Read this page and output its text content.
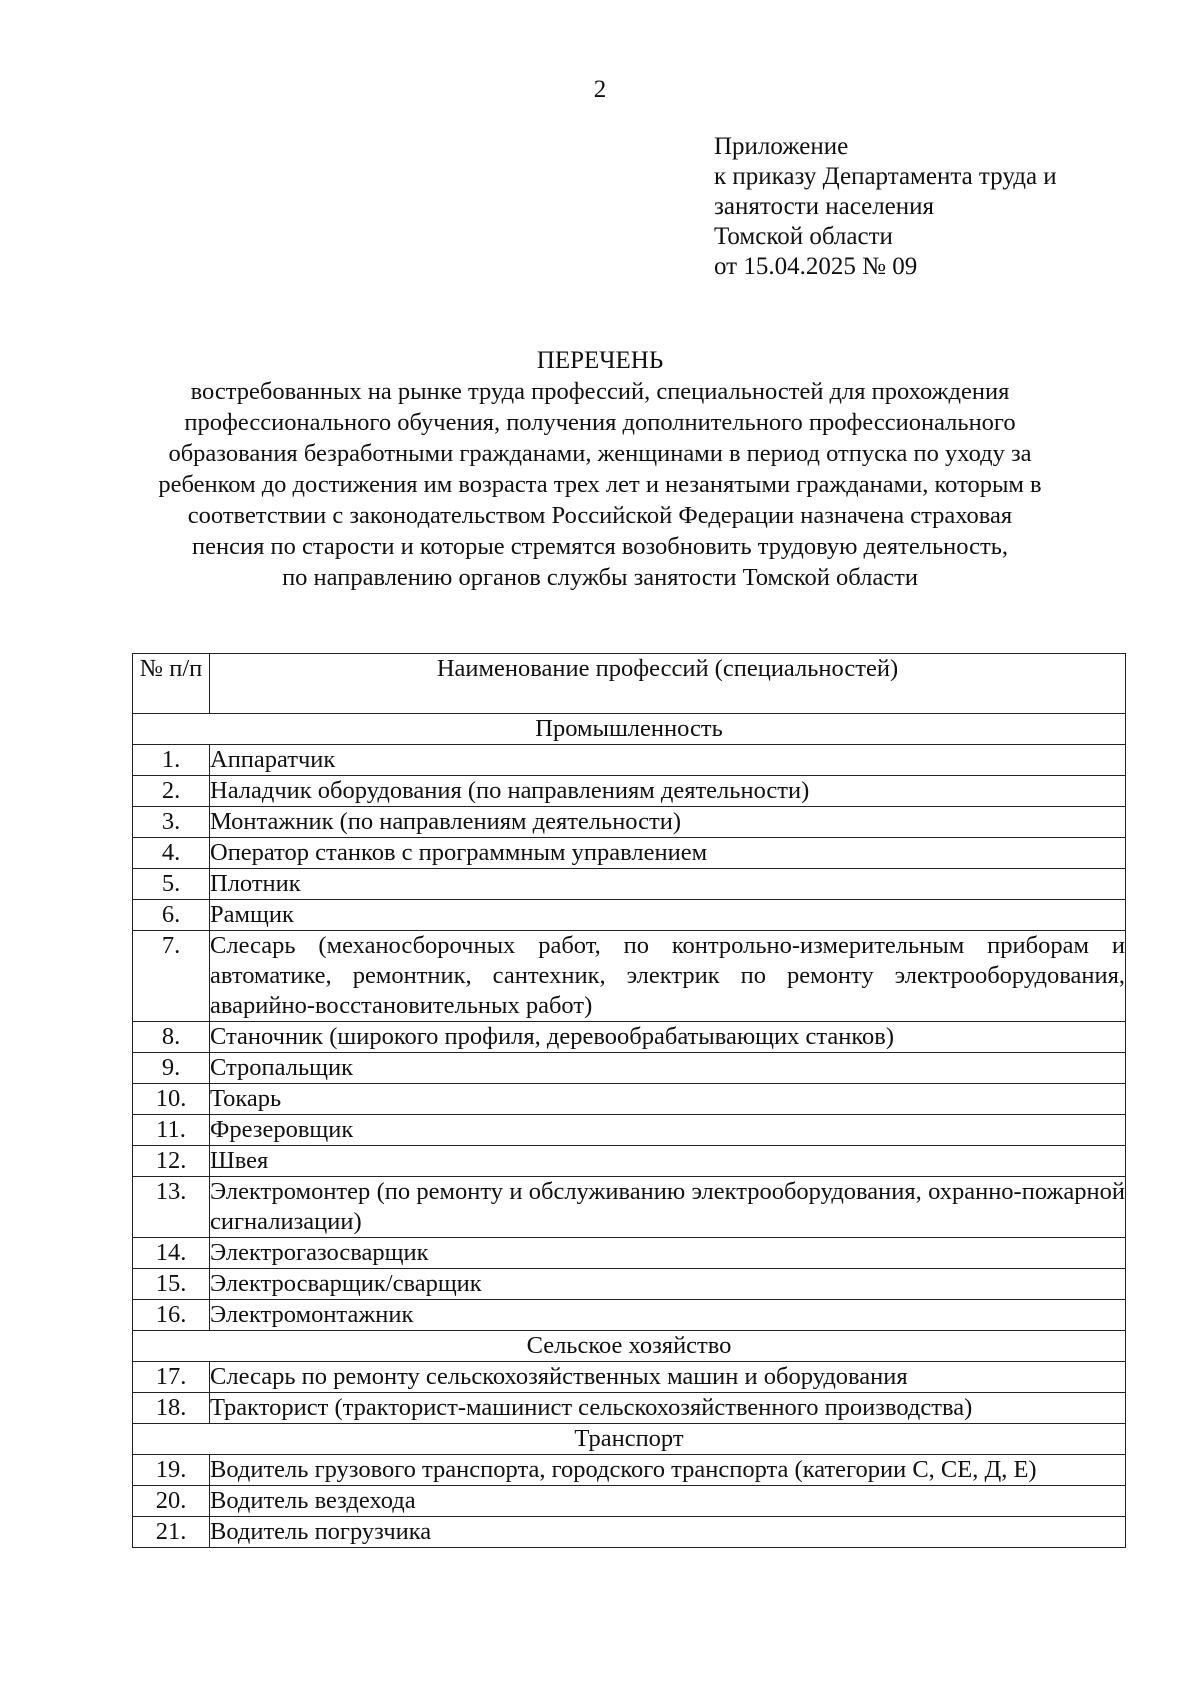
2
Приложение
к приказу Департамента труда и
занятости населения
Томской области
от 15.04.2025 № 09
ПЕРЕЧЕНЬ
востребованных на рынке труда профессий, специальностей для прохождения
профессионального обучения, получения дополнительного профессионального
образования безработными гражданами, женщинами в период отпуска по уходу за
ребенком до достижения им возраста трех лет и незанятыми гражданами, которым в
соответствии с законодательством Российской Федерации назначена страховая
пенсия по старости и которые стремятся возобновить трудовую деятельность,
по направлению органов службы занятости Томской области
№ п/п	Наименование профессий (специальностей)
Промышленность	
1.	Аппаратчик
2.	Наладчик оборудования (по направлениям деятельности)
3.	Монтажник (по направлениям деятельности)
4.	Оператор станков с программным управлением
5.	Плотник
6.	Рамщик
7.	Слесарь (механосборочных работ, по контрольно-измерительным приборам и автоматике, ремонтник, сантехник, электрик по ремонту электрооборудования, аварийно-восстановительных работ)
8.	Станочник (широкого профиля, деревообрабатывающих станков)
9.	Стропальщик
10.	Токарь
11.	Фрезеровщик
12.	Швея
13.	Электромонтер (по ремонту и обслуживанию электрооборудования, охранно-пожарной сигнализации)
14.	Электрогазосварщик
15.	Электросварщик/сварщик
16.	Электромонтажник
Сельское хозяйство	
17.	Слесарь по ремонту сельскохозяйственных машин и оборудования
18.	Тракторист (тракторист-машинист сельскохозяйственного производства)
Транспорт	
19.	Водитель грузового транспорта, городского транспорта (категории С, СЕ, Д, Е)
20.	Водитель вездехода
21.	Водитель погрузчика
